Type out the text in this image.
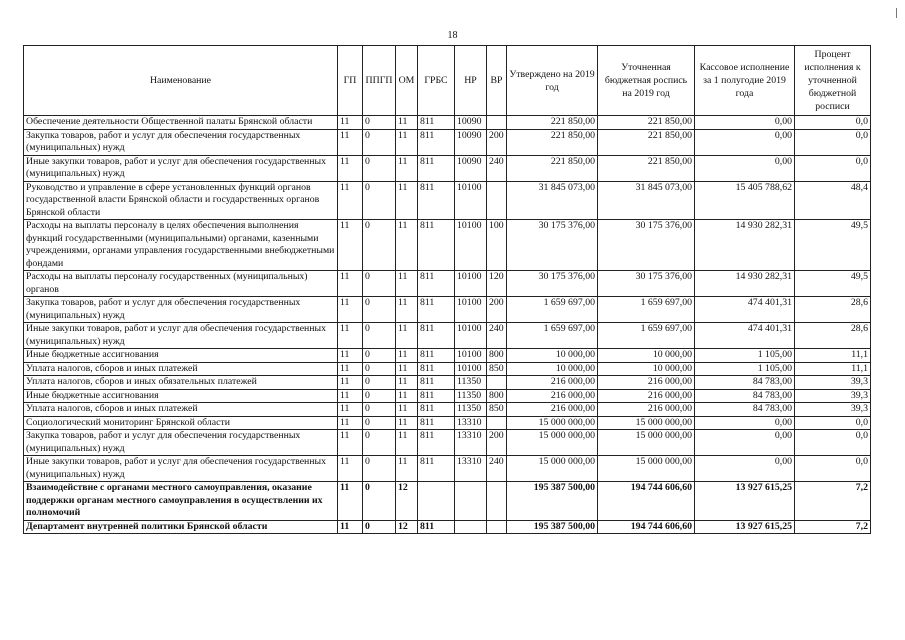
18
Наименование	ГП	ППГП	ОМ	ГРБС	НР	ВР	Утверждено на 2019 год	Уточненная бюджетная роспись на 2019 год	Кассовое исполнение за 1 полугодие 2019 года	Процент исполнения к уточненной бюджетной росписи
Обеспечение деятельности Общественной палаты Брянской области	11	0	11	811	10090		221 850,00	221 850,00	0,00	0,0
Закупка товаров, работ и услуг для обеспечения государственных (муниципальных) нужд	11	0	11	811	10090	200	221 850,00	221 850,00	0,00	0,0
Иные закупки товаров, работ и услуг для обеспечения государственных (муниципальных) нужд	11	0	11	811	10090	240	221 850,00	221 850,00	0,00	0,0
Руководство и управление в сфере установленных функций органов государственной власти Брянской области и государственных органов Брянской области	11	0	11	811	10100		31 845 073,00	31 845 073,00	15 405 788,62	48,4
Расходы на выплаты персоналу в целях обеспечения выполнения функций государственными (муниципальными) органами, казенными учреждениями, органами управления государственными внебюджетными фондами	11	0	11	811	10100	100	30 175 376,00	30 175 376,00	14 930 282,31	49,5
Расходы на выплаты персоналу государственных (муниципальных) органов	11	0	11	811	10100	120	30 175 376,00	30 175 376,00	14 930 282,31	49,5
Закупка товаров, работ и услуг для обеспечения государственных (муниципальных) нужд	11	0	11	811	10100	200	1 659 697,00	1 659 697,00	474 401,31	28,6
Иные закупки товаров, работ и услуг для обеспечения государственных (муниципальных) нужд	11	0	11	811	10100	240	1 659 697,00	1 659 697,00	474 401,31	28,6
Иные бюджетные ассигнования	11	0	11	811	10100	800	10 000,00	10 000,00	1 105,00	11,1
Уплата налогов, сборов и иных платежей	11	0	11	811	10100	850	10 000,00	10 000,00	1 105,00	11,1
Уплата налогов, сборов и иных обязательных платежей	11	0	11	811	11350		216 000,00	216 000,00	84 783,00	39,3
Иные бюджетные ассигнования	11	0	11	811	11350	800	216 000,00	216 000,00	84 783,00	39,3
Уплата налогов, сборов и иных платежей	11	0	11	811	11350	850	216 000,00	216 000,00	84 783,00	39,3
Социологический мониторинг Брянской области	11	0	11	811	13310		15 000 000,00	15 000 000,00	0,00	0,0
Закупка товаров, работ и услуг для обеспечения государственных (муниципальных) нужд	11	0	11	811	13310	200	15 000 000,00	15 000 000,00	0,00	0,0
Иные закупки товаров, работ и услуг для обеспечения государственных (муниципальных) нужд	11	0	11	811	13310	240	15 000 000,00	15 000 000,00	0,00	0,0
Взаимодействие с органами местного самоуправления, оказание поддержки органам местного самоуправления в осуществлении их полномочий	11	0	12				195 387 500,00	194 744 606,60	13 927 615,25	7,2
Департамент внутренней политики Брянской области	11	0	12	811			195 387 500,00	194 744 606,60	13 927 615,25	7,2
